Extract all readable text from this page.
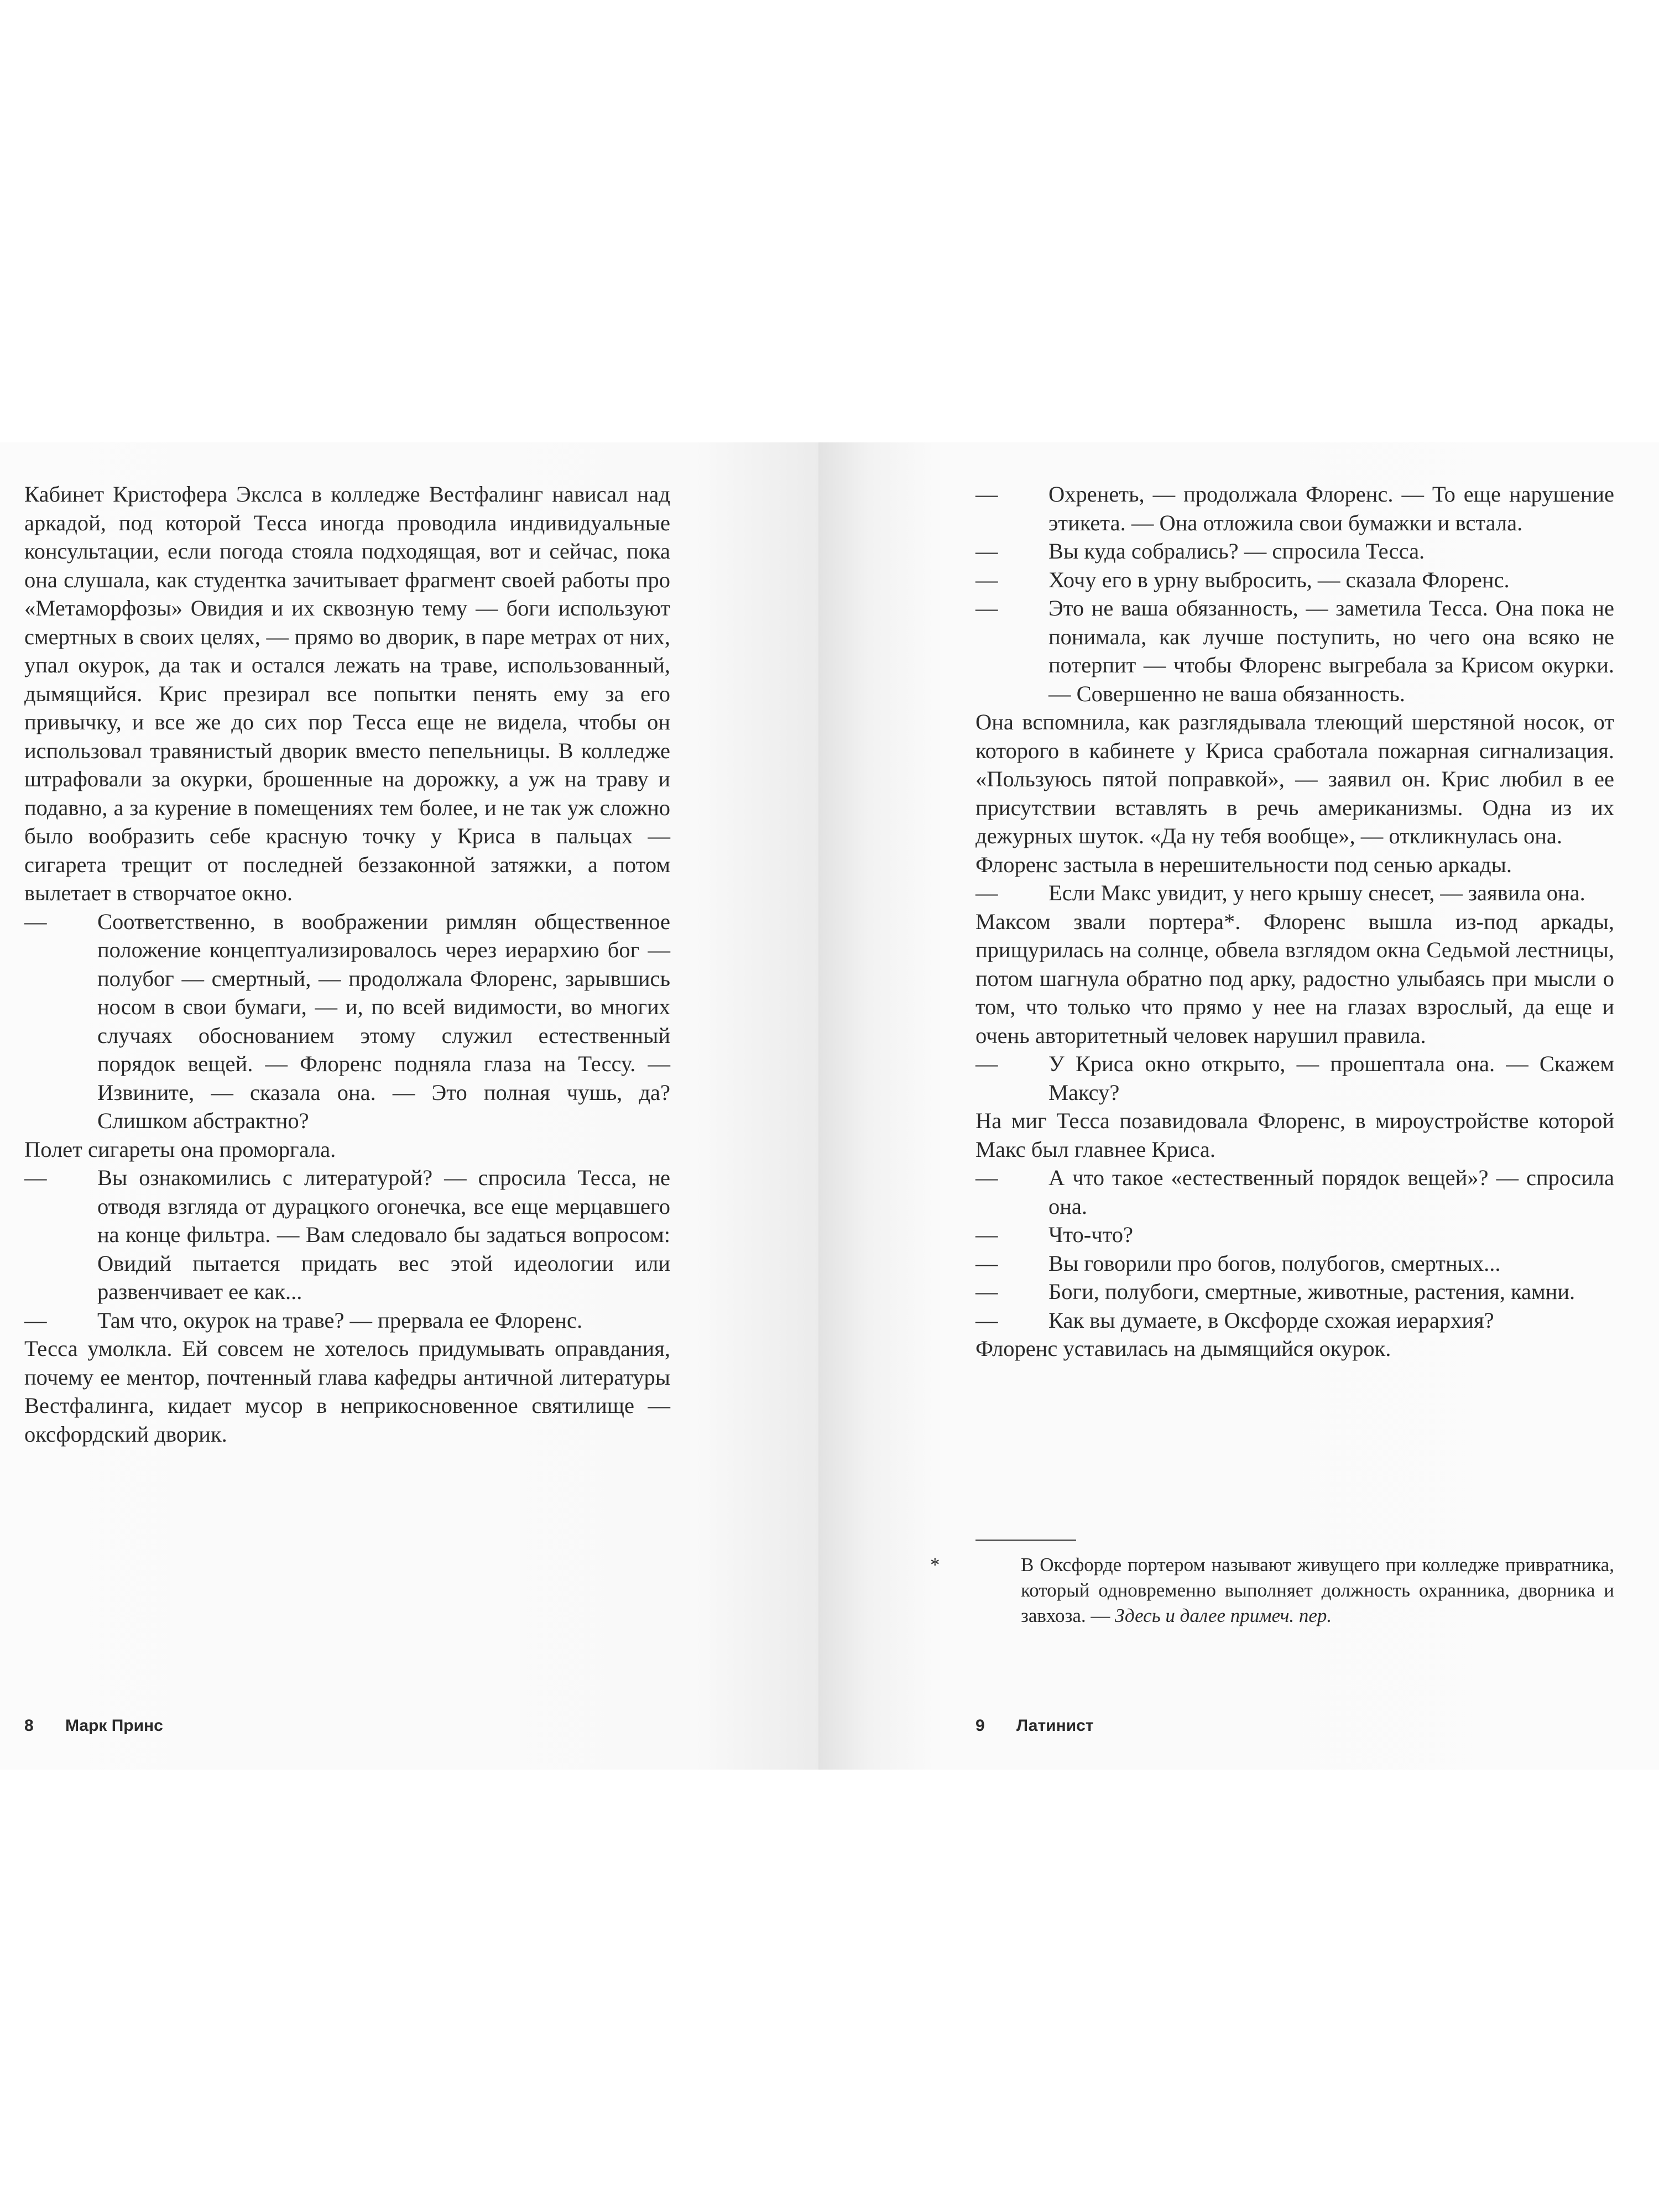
Кабинет Кристофера Экслса в колледже Вестфалинг нависал над аркадой, под которой Тесса иногда проводила индивидуальные консультации, если погода стояла подходящая, вот и сейчас, пока она слушала, как студентка зачитывает фрагмент своей работы про «Метаморфозы» Овидия и их сквозную тему — боги используют смертных в своих целях, — прямо во дворик, в паре метрах от них, упал окурок, да так и остался лежать на траве, использованный, дымящийся. Крис презирал все попытки пенять ему за его привычку, и все же до сих пор Тесса еще не видела, чтобы он использовал травянистый дворик вместо пепельницы. В колледже штрафовали за окурки, брошенные на дорожку, а уж на траву и подавно, а за курение в помещениях тем более, и не так уж сложно было вообразить себе красную точку у Криса в пальцах — сигарета трещит от последней беззаконной затяжки, а потом вылетает в створчатое окно.

— Соответственно, в воображении римлян общественное положение концептуализировалось через иерархию бог — полубог — смертный, — продолжала Флоренс, зарывшись носом в свои бумаги, — и, по всей видимости, во многих случаях обоснованием этому служил естественный порядок вещей. — Флоренс подняла глаза на Тессу. — Извините, — сказала она. — Это полная чушь, да? Слишком абстрактно?

Полет сигареты она проморгала.

— Вы ознакомились с литературой? — спросила Тесса, не отводя взгляда от дурацкого огонечка, все еще мерцавшего на конце фильтра. — Вам следовало бы задаться вопросом: Овидий пытается придать вес этой идеологии или развенчивает ее как...

— Там что, окурок на траве? — прервала ее Флоренс.

Тесса умолкла. Ей совсем не хотелось придумывать оправдания, почему ее ментор, почтенный глава кафедры античной литературы Вестфалинга, кидает мусор в неприкосновенное святилище — оксфордский дворик.

8 Марк Принс

— Охренеть, — продолжала Флоренс. — То еще нарушение этикета. — Она отложила свои бумажки и встала.

— Вы куда собрались? — спросила Тесса.

— Хочу его в урну выбросить, — сказала Флоренс.

— Это не ваша обязанность, — заметила Тесса. Она пока не понимала, как лучше поступить, но чего она всяко не потерпит — чтобы Флоренс выгребала за Крисом окурки. — Совершенно не ваша обязанность.

Она вспомнила, как разглядывала тлеющий шерстяной носок, от которого в кабинете у Криса сработала пожарная сигнализация. «Пользуюсь пятой поправкой», — заявил он. Крис любил в ее присутствии вставлять в речь американизмы. Одна из их дежурных шуток. «Да ну тебя вообще», — откликнулась она.

Флоренс застыла в нерешительности под сенью аркады.

— Если Макс увидит, у него крышу снесет, — заявила она.

Максом звали портера*. Флоренс вышла из-под аркады, прищурилась на солнце, обвела взглядом окна Седьмой лестницы, потом шагнула обратно под арку, радостно улыбаясь при мысли о том, что только что прямо у нее на глазах взрослый, да еще и очень авторитетный человек нарушил правила.

— У Криса окно открыто, — прошептала она. — Скажем Максу?

На миг Тесса позавидовала Флоренс, в мироустройстве которой Макс был главнее Криса.

— А что такое «естественный порядок вещей»? — спросила она.

— Что-что?

— Вы говорили про богов, полубогов, смертных...

— Боги, полубоги, смертные, животные, растения, камни.

— Как вы думаете, в Оксфорде схожая иерархия?

Флоренс уставилась на дымящийся окурок.

*	В Оксфорде портером называют живущего при колледже привратника, который одновременно выполняет должность охранника, дворника и завхоза. — Здесь и далее примеч. пер.

9 Латинист
